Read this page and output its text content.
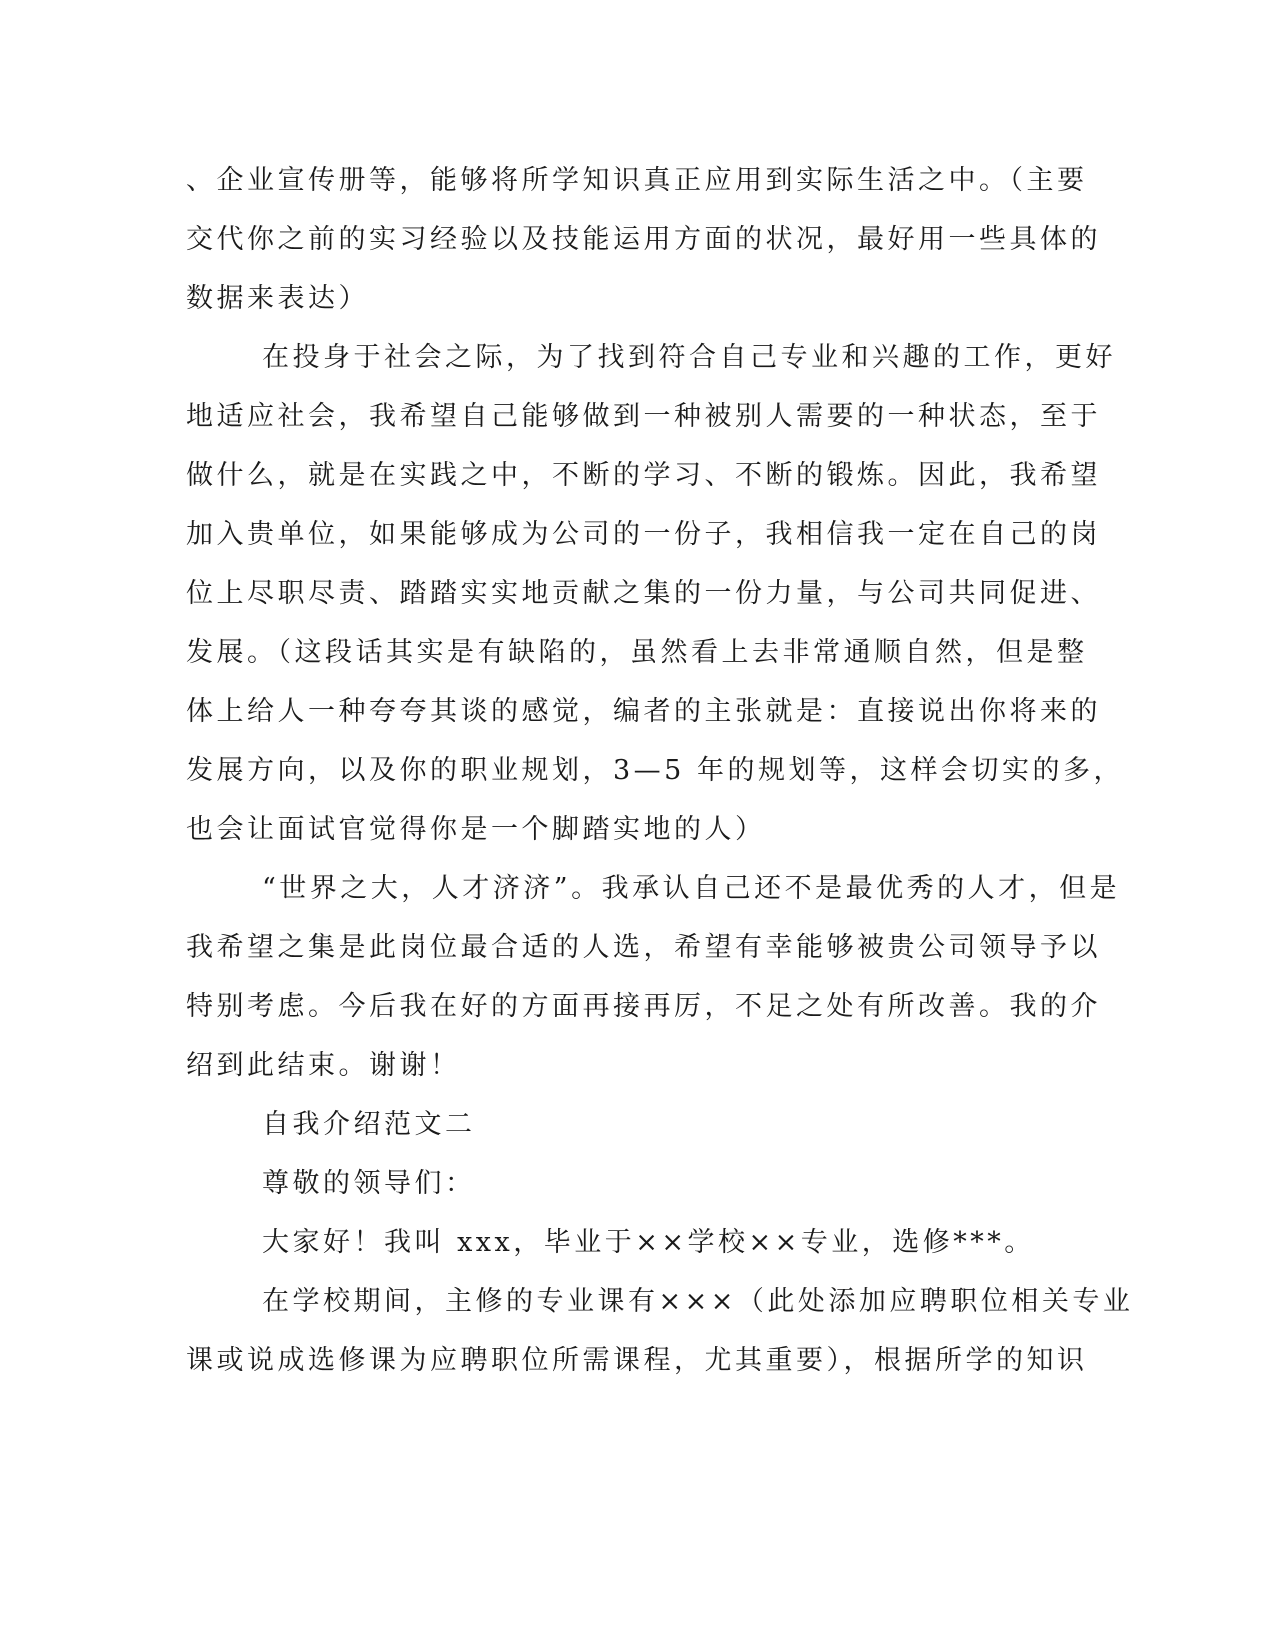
、企业宣传册等，能够将所学知识真正应用到实际生活之中。（主要
交代你之前的实习经验以及技能运用方面的状况，最好用一些具体的
数据来表达）
在投身于社会之际，为了找到符合自己专业和兴趣的工作，更好
地适应社会，我希望自己能够做到一种被别人需要的一种状态，至于
做什么，就是在实践之中，不断的学习、不断的锻炼。因此，我希望
加入贵单位，如果能够成为公司的一份子，我相信我一定在自己的岗
位上尽职尽责、踏踏实实地贡献之集的一份力量，与公司共同促进、
发展。（这段话其实是有缺陷的，虽然看上去非常通顺自然，但是整
体上给人一种夸夸其谈的感觉，编者的主张就是：直接说出你将来的
发展方向，以及你的职业规划，3—5 年的规划等，这样会切实的多，
也会让面试官觉得你是一个脚踏实地的人）
“世界之大，人才济济”。我承认自己还不是最优秀的人才，但是
我希望之集是此岗位最合适的人选，希望有幸能够被贵公司领导予以
特别考虑。今后我在好的方面再接再厉，不足之处有所改善。我的介
绍到此结束。谢谢！
自我介绍范文二
尊敬的领导们：
大家好！我叫 xxx，毕业于××学校××专业，选修***。
在学校期间，主修的专业课有×××（此处添加应聘职位相关专业
课或说成选修课为应聘职位所需课程，尤其重要），根据所学的知识
